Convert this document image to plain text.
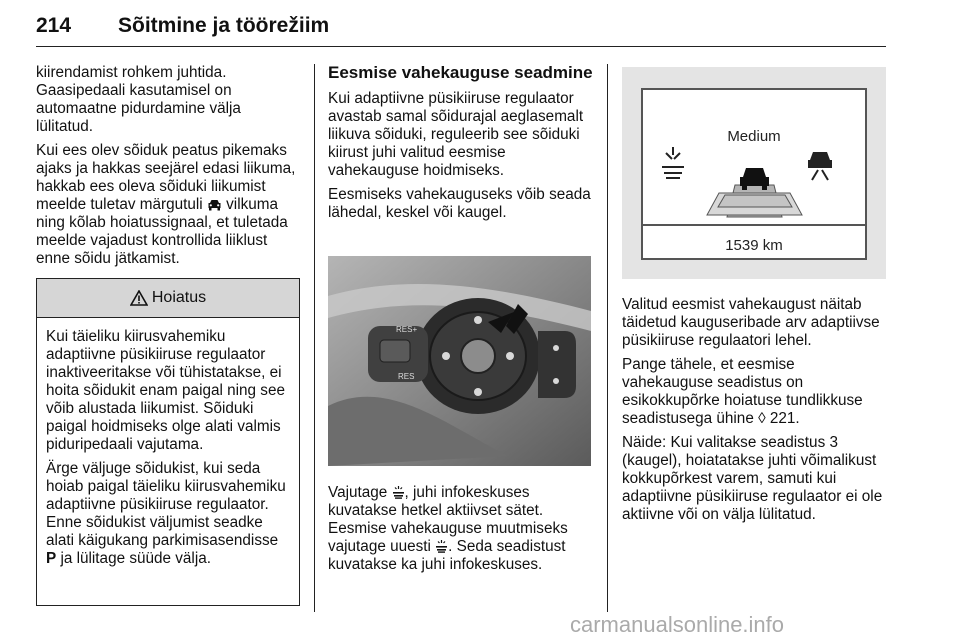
214 Sõitmine ja töörežiim

kiirendamist rohkem juhtida. Gaasipedaali kasutamisel on automaatne pidurdamine välja lülitatud.

Kui ees olev sõiduk peatus pikemaks ajaks ja hakkas seejärel edasi liikuma, hakkab ees oleva sõiduki liikumist meelde tuletav märgutuli vilkuma ning kõlab hoiatussignaal, et tuletada meelde vajadust kontrollida liiklust enne sõidu jätkamist.

Hoiatus

Kui täieliku kiirusvahemiku adaptiivne püsikiiruse regulaator inaktiveeritakse või tühistatakse, ei hoita sõidukit enam paigal ning see võib alustada liikumist. Sõiduki paigal hoidmiseks olge alati valmis piduripedaali vajutama.

Ärge väljuge sõidukist, kui seda hoiab paigal täieliku kiirusvahemiku adaptiivne püsikiiruse regulaator. Enne sõidukist väljumist seadke alati käigukang parkimisasendisse P ja lülitage süüde välja.

Eesmise vahekauguse seadmine

Kui adaptiivne püsikiiruse regulaator avastab samal sõidurajal aeglasemalt liikuva sõiduki, reguleerib see sõiduki kiirust juhi valitud eesmise vahekauguse hoidmiseks.

Eesmiseks vahekauguseks võib seada lähedal, keskel või kaugel.

RES+
RES

Vajutage , juhi infokeskuses kuvatakse hetkel aktiivset sätet. Eesmise vahekauguse muutmiseks vajutage uuesti . Seda seadistust kuvatakse ka juhi infokeskuses.

Medium
1539 km

Valitud eesmist vahekaugust näitab täidetud kauguseribade arv adaptiivse püsikiiruse regulaatori lehel.

Pange tähele, et eesmise vahekauguse seadistus on esikokkupõrke hoiatuse tundlikkuse seadistusega ühine ◊ 221.

Näide: Kui valitakse seadistus 3 (kaugel), hoiatatakse juhti võimalikust kokkupõrkest varem, samuti kui adaptiivne püsikiiruse regulaator ei ole aktiivne või on välja lülitatud.

carmanualsonline.info
